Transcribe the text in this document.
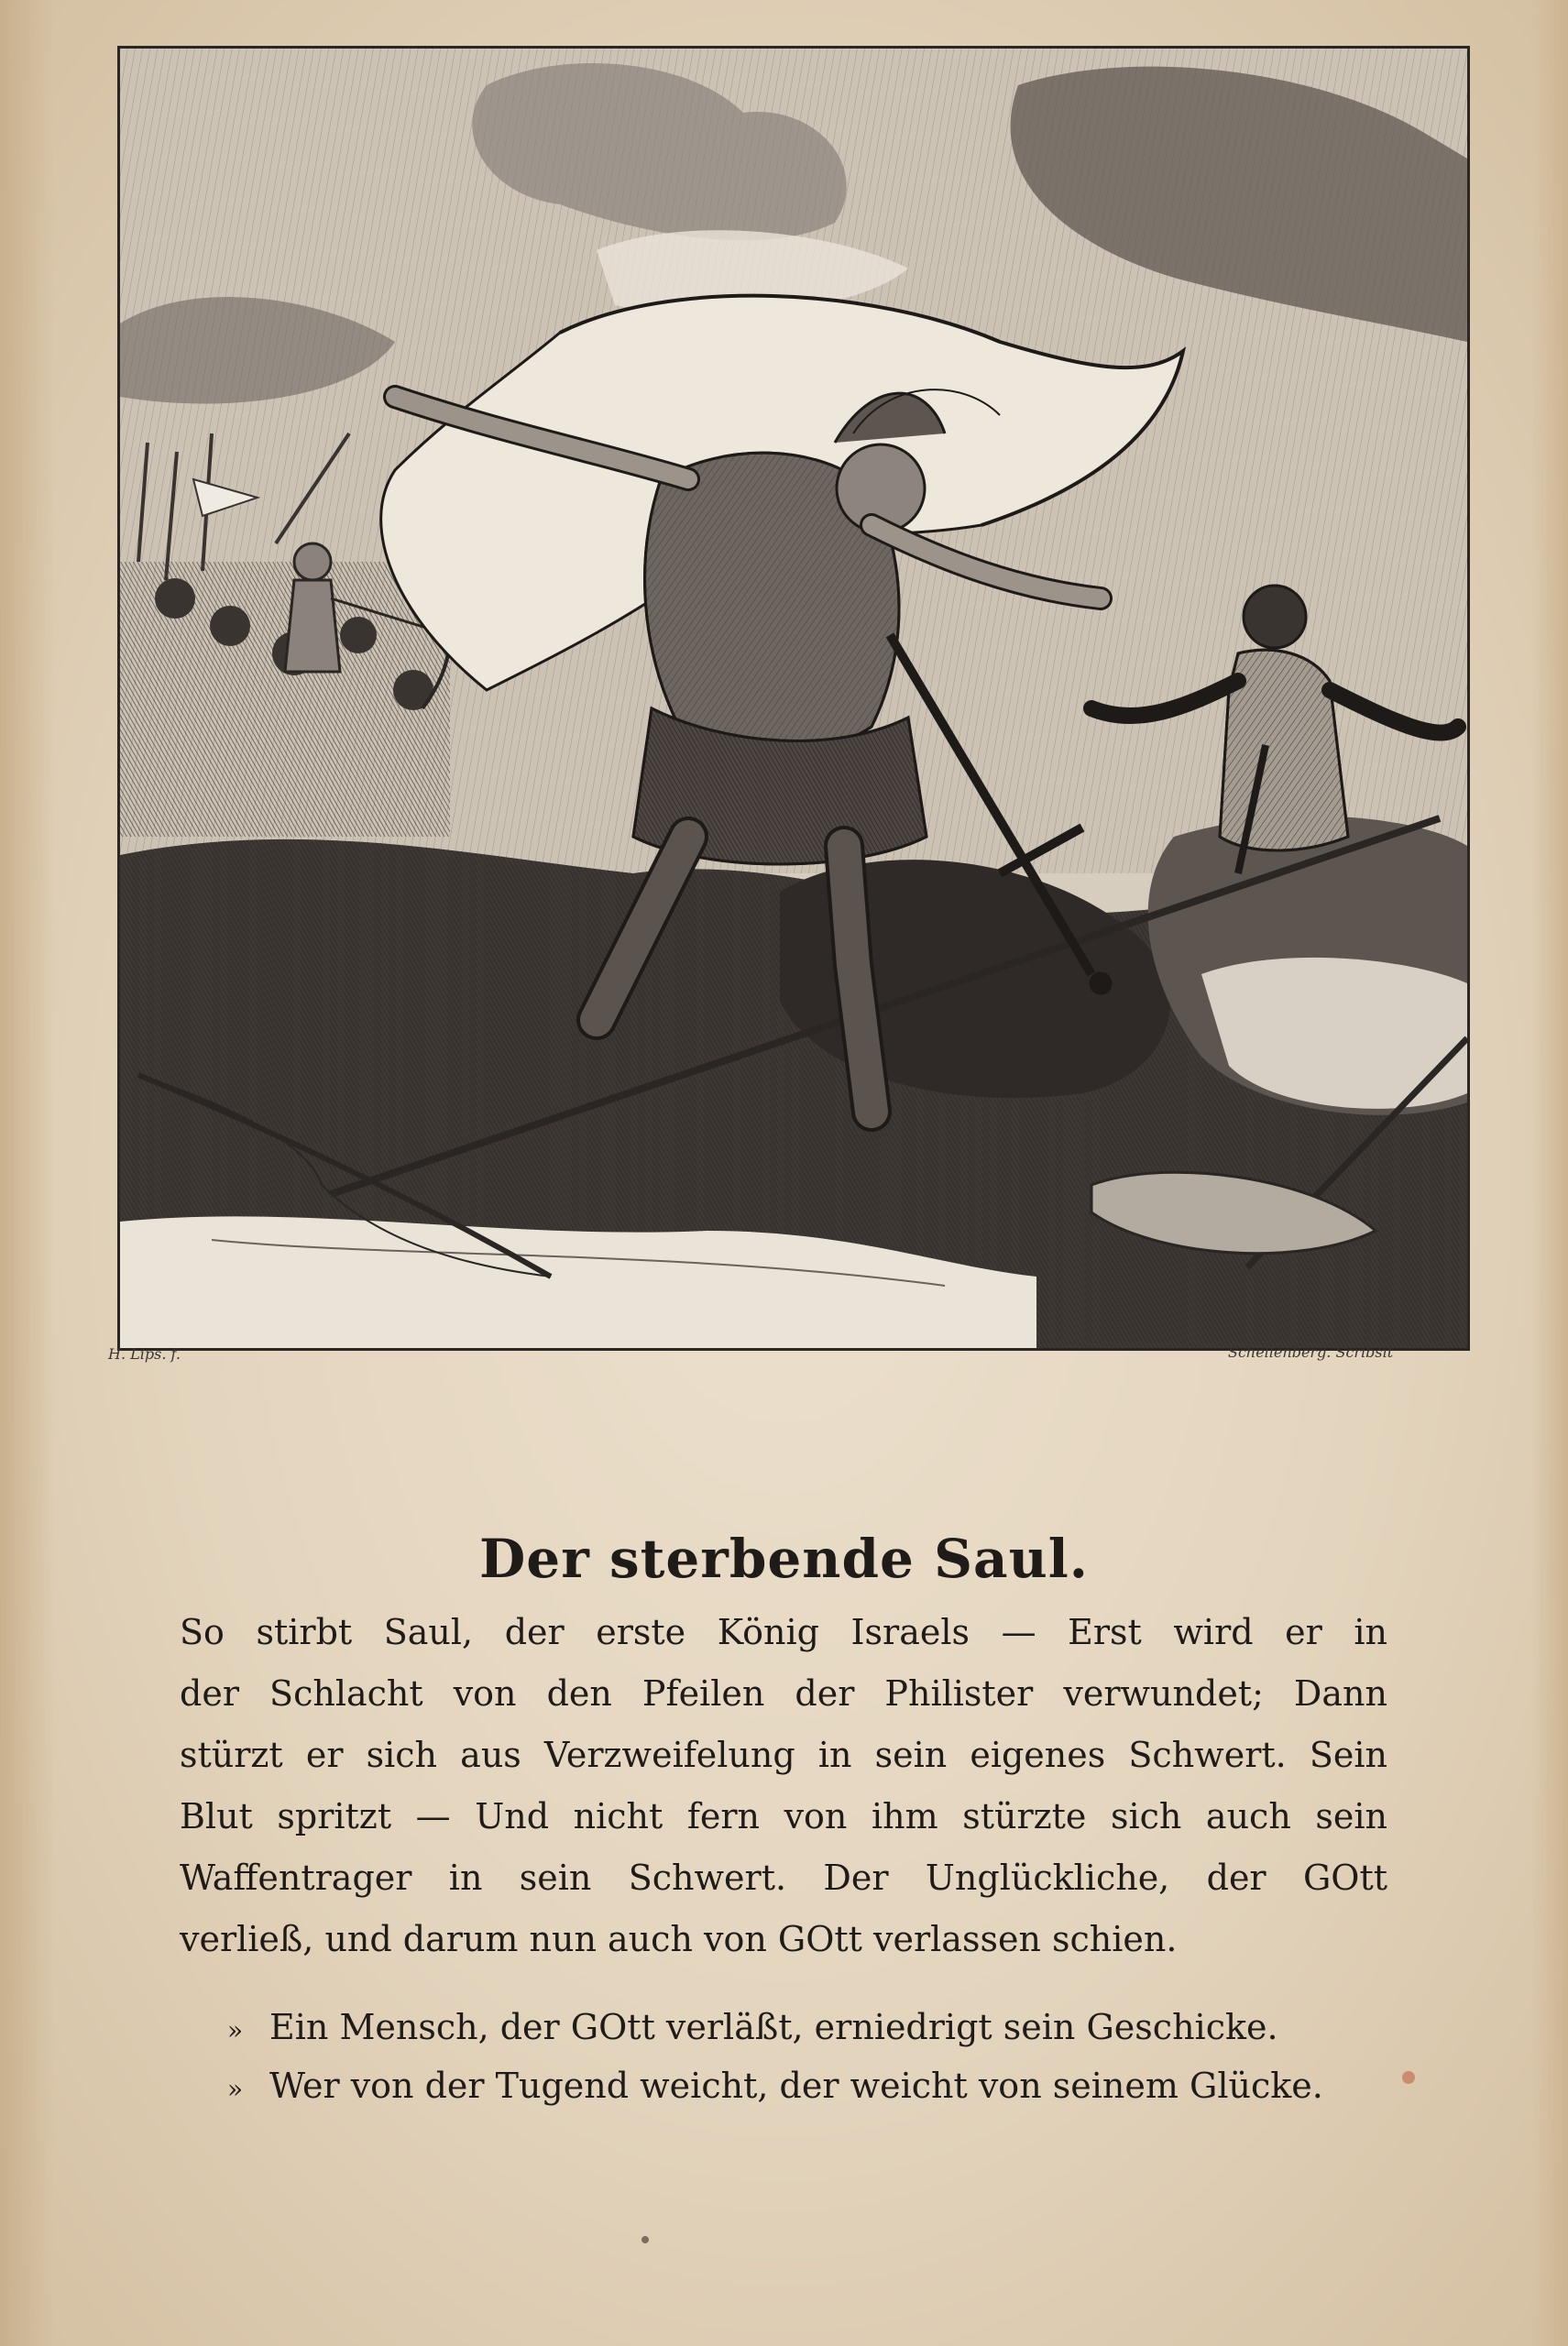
H. Lips. f.	Schellenberg. Scribsit
Der sterbende Saul.
So stirbt Saul, der erste König Israels — Erst wird er in
der Schlacht von den Pfeilen der Philister verwundet; Dann
stürzt er sich aus Verzweifelung in sein eigenes Schwert. Sein
Blut spritzt — Und nicht fern von ihm stürzte sich auch sein
Waffentrager in sein Schwert. Der Unglückliche, der GOtt
verließ, und darum nun auch von GOtt verlassen schien.
» Ein Mensch, der GOtt verläßt, erniedrigt sein Geschicke.
» Wer von der Tugend weicht, der weicht von seinem Glücke.
